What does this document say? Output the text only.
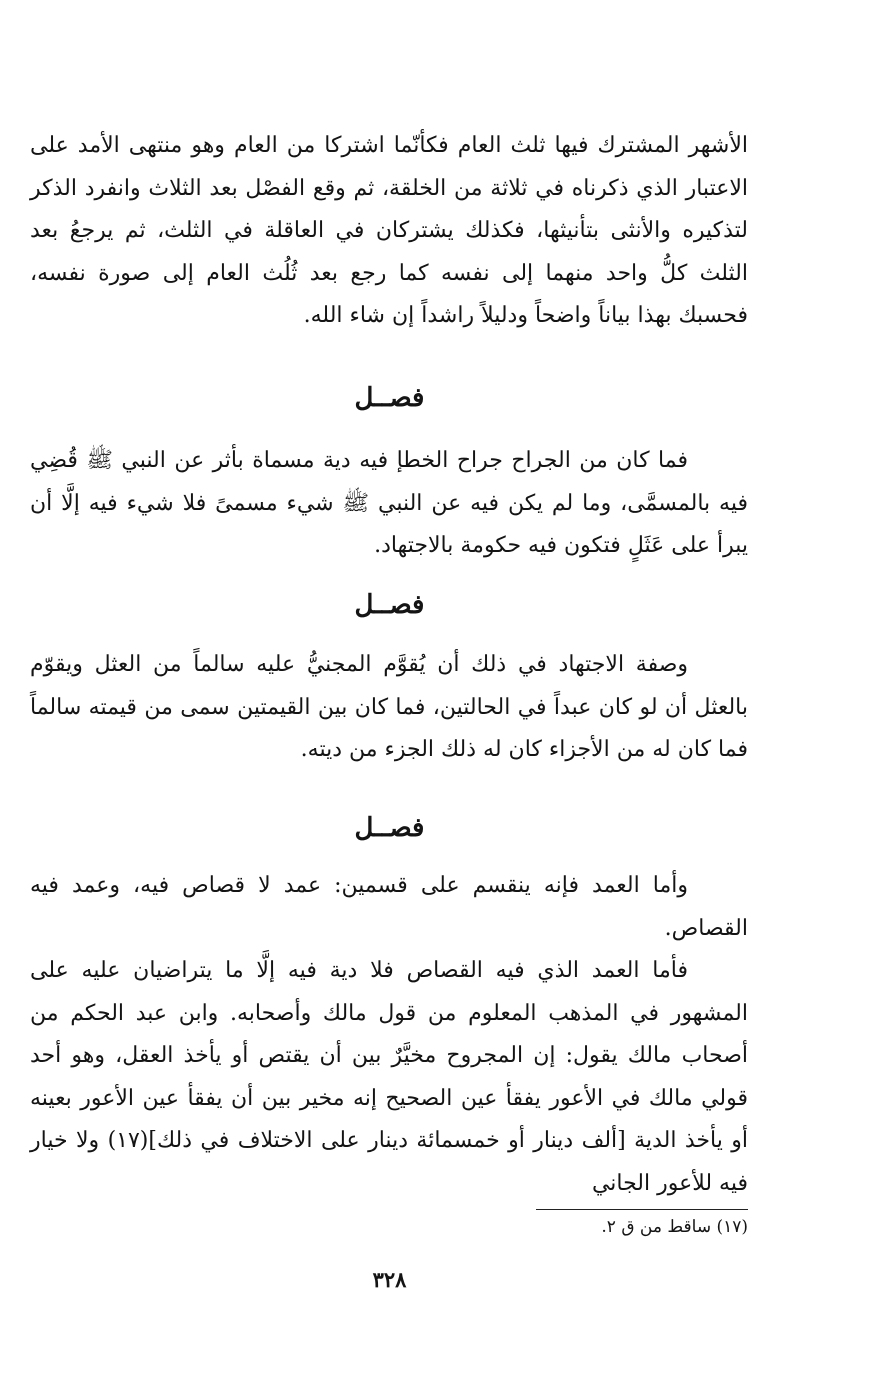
الأشهر المشترك فيها ثلث العام فكأنّما اشتركا من العام وهو منتهى الأمد على الاعتبار الذي ذكرناه في ثلاثة من الخلقة، ثم وقع الفصْل بعد الثلاث وانفرد الذكر لتذكيره والأنثى بتأنيثها، فكذلك يشتركان في العاقلة في الثلث، ثم يرجعُ بعد الثلث كلُّ واحد منهما إلى نفسه كما رجع بعد ثُلُث العام إلى صورة نفسه، فحسبك بهذا بياناً واضحاً ودليلاً راشداً إن شاء الله.

فصــل

فما كان من الجراح جراح الخطإ فيه دية مسماة بأثر عن النبي ﷺ قُضِي فيه بالمسمَّى، وما لم يكن فيه عن النبي ﷺ شيء مسمىً فلا شيء فيه إلَّا أن يبرأ على عَثَلٍ فتكون فيه حكومة بالاجتهاد.

فصــل

وصفة الاجتهاد في ذلك أن يُقوَّم المجنيُّ عليه سالماً من العثل ويقوّم بالعثل أن لو كان عبداً في الحالتين، فما كان بين القيمتين سمى من قيمته سالماً فما كان له من الأجزاء كان له ذلك الجزء من ديته.

فصــل

وأما العمد فإنه ينقسم على قسمين: عمد لا قصاص فيه، وعمد فيه القصاص.

فأما العمد الذي فيه القصاص فلا دية فيه إلَّا ما يتراضيان عليه على المشهور في المذهب المعلوم من قول مالك وأصحابه. وابن عبد الحكم من أصحاب مالك يقول: إن المجروح مخيَّرٌ بين أن يقتص أو يأخذ العقل، وهو أحد قولي مالك في الأعور يفقأ عين الصحيح إنه مخير بين أن يفقأ عين الأعور بعينه أو يأخذ الدية [ألف دينار أو خمسمائة دينار على الاختلاف في ذلك](١٧) ولا خيار فيه للأعور الجاني

(١٧) ساقط من ق ٢.
٣٢٨
